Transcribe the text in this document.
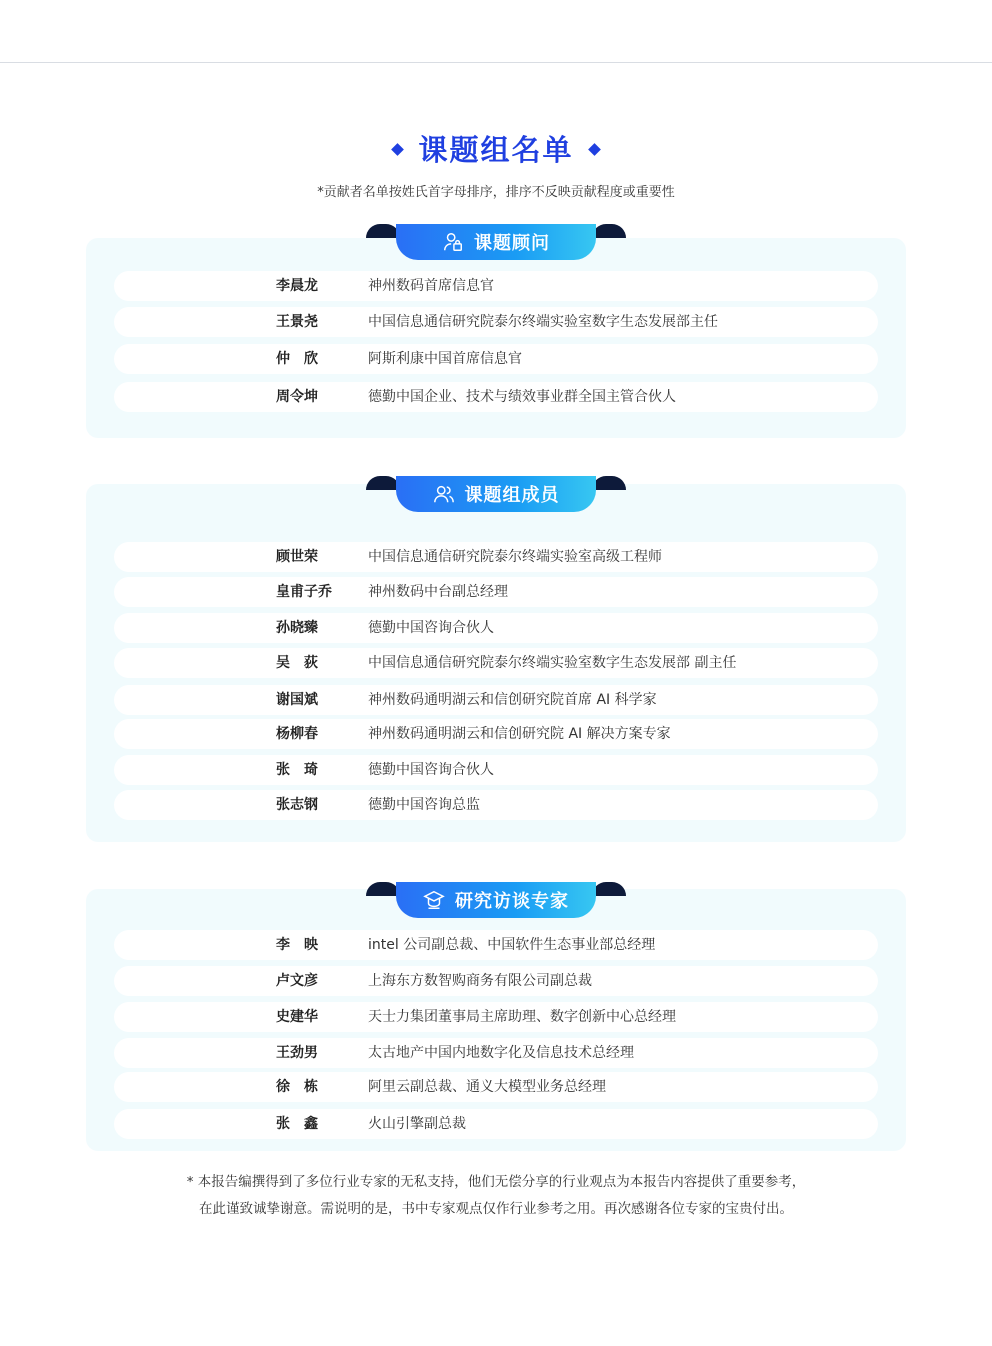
课题组名单
*贡献者名单按姓氏首字母排序，排序不反映贡献程度或重要性
李晨龙	神州数码首席信息官
王景尧	中国信息通信研究院泰尔终端实验室数字生态发展部主任
仲　欣	阿斯利康中国首席信息官
周令坤	德勤中国企业、技术与绩效事业群全国主管合伙人
课题顾问
顾世荣	中国信息通信研究院泰尔终端实验室高级工程师
皇甫子乔	神州数码中台副总经理
孙晓臻	德勤中国咨询合伙人
吴　荻	中国信息通信研究院泰尔终端实验室数字生态发展部 副主任
谢国斌	神州数码通明湖云和信创研究院首席 AI 科学家
杨柳春	神州数码通明湖云和信创研究院 AI 解决方案专家
张　琦	德勤中国咨询合伙人
张志钢	德勤中国咨询总监
课题组成员
李　映	intel 公司副总裁、中国软件生态事业部总经理
卢文彦	上海东方数智购商务有限公司副总裁
史建华	天士力集团董事局主席助理、数字创新中心总经理
王劲男	太古地产中国内地数字化及信息技术总经理
徐　栋	阿里云副总裁、通义大模型业务总经理
张　鑫	火山引擎副总裁
研究访谈专家
* 本报告编撰得到了多位行业专家的无私支持，他们无偿分享的行业观点为本报告内容提供了重要参考，
在此谨致诚挚谢意。需说明的是，书中专家观点仅作行业参考之用。再次感谢各位专家的宝贵付出。
